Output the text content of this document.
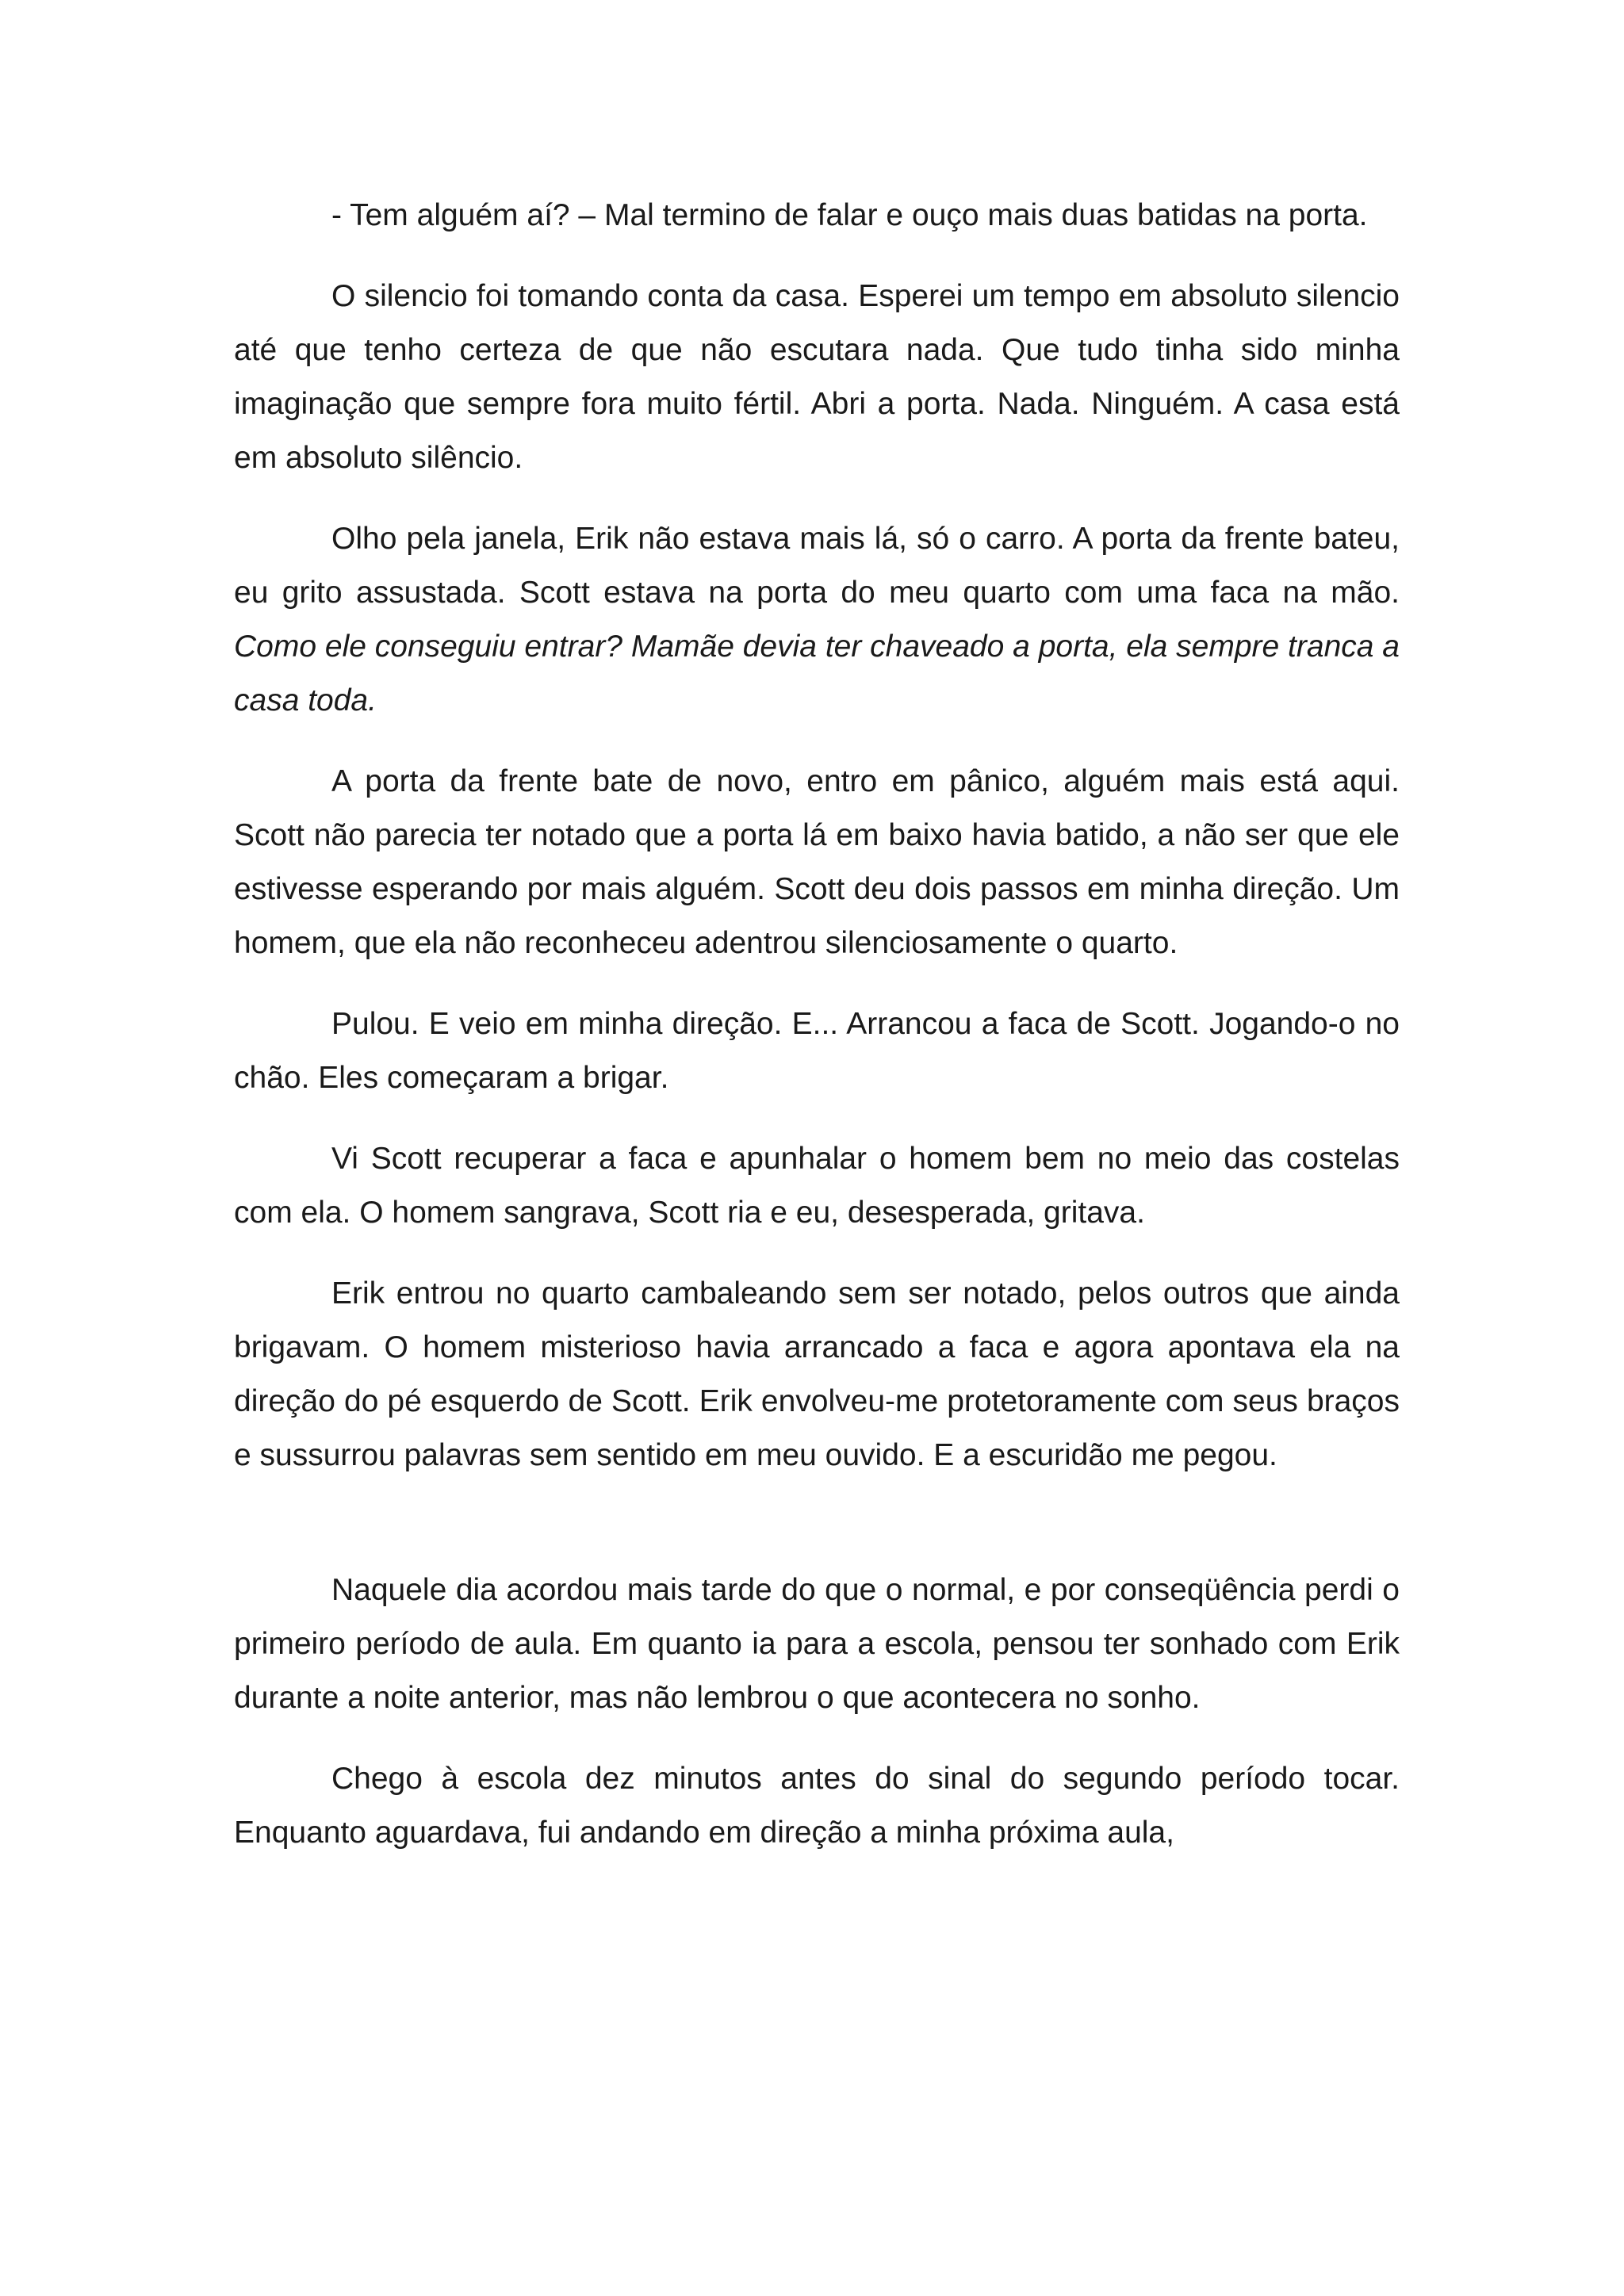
- Tem alguém aí? – Mal termino de falar e ouço mais duas batidas na porta.

O silencio foi tomando conta da casa. Esperei um tempo em absoluto silencio até que tenho certeza de que não escutara nada. Que tudo tinha sido minha imaginação que sempre fora muito fértil. Abri a porta. Nada. Ninguém. A casa está em absoluto silêncio.

Olho pela janela, Erik não estava mais lá, só o carro. A porta da frente bateu, eu grito assustada. Scott estava na porta do meu quarto com uma faca na mão. Como ele conseguiu entrar? Mamãe devia ter chaveado a porta, ela sempre tranca a casa toda.

A porta da frente bate de novo, entro em pânico, alguém mais está aqui. Scott não parecia ter notado que a porta lá em baixo havia batido, a não ser que ele estivesse esperando por mais alguém. Scott deu dois passos em minha direção. Um homem, que ela não reconheceu adentrou silenciosamente o quarto.

Pulou. E veio em minha direção. E... Arrancou a faca de Scott. Jogando-o no chão. Eles começaram a brigar.

Vi Scott recuperar a faca e apunhalar o homem bem no meio das costelas com ela. O homem sangrava, Scott ria e eu, desesperada, gritava.

Erik entrou no quarto cambaleando sem ser notado, pelos outros que ainda brigavam. O homem misterioso havia arrancado a faca e agora apontava ela na direção do pé esquerdo de Scott. Erik envolveu-me protetoramente com seus braços e sussurrou palavras sem sentido em meu ouvido. E a escuridão me pegou.

Naquele dia acordou mais tarde do que o normal, e por conseqüência perdi o primeiro período de aula. Em quanto ia para a escola, pensou ter sonhado com Erik durante a noite anterior, mas não lembrou o que acontecera no sonho.

Chego à escola dez minutos antes do sinal do segundo período tocar. Enquanto aguardava, fui andando em direção a minha próxima aula,
